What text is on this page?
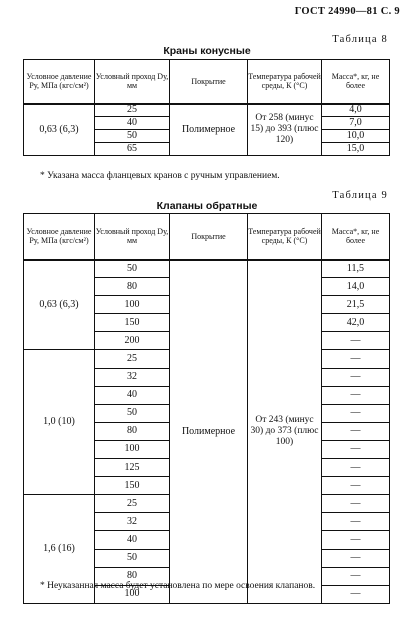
ГОСТ 24990—81 С. 9
Таблица 8
Краны конусные
Условное давление Pу, МПа (кгс/см²)	Условный проход Dу, мм	Покрытие	Температура рабочей среды, К (°С)	Масса*, кг, не более
0,63 (6,3)	25	Полимерное	От 258 (минус 15) до 393 (плюс 120)	4,0
	40			7,0
	50			10,0
	65			15,0
* Указана масса фланцевых кранов с ручным управлением.
Таблица 9
Клапаны обратные
Условное давление Pу, МПа (кгс/см²)	Условный проход Dу, мм	Покрытие	Температура рабочей среды, К (°С)	Масса*, кг, не более
0,63 (6,3)	50	Полимерное	От 243 (минус 30) до 373 (плюс 100)	11,5
	80			14,0
	100			21,5
	150			42,0
	200			—
1,0 (10)	25			—
	32			—
	40			—
	50			—
	80			—
	100			—
	125			—
	150			—
1,6 (16)	25			—
	32			—
	40			—
	50			—
	80			—
	100			—
* Неуказанная масса будет установлена по мере освоения клапанов.
